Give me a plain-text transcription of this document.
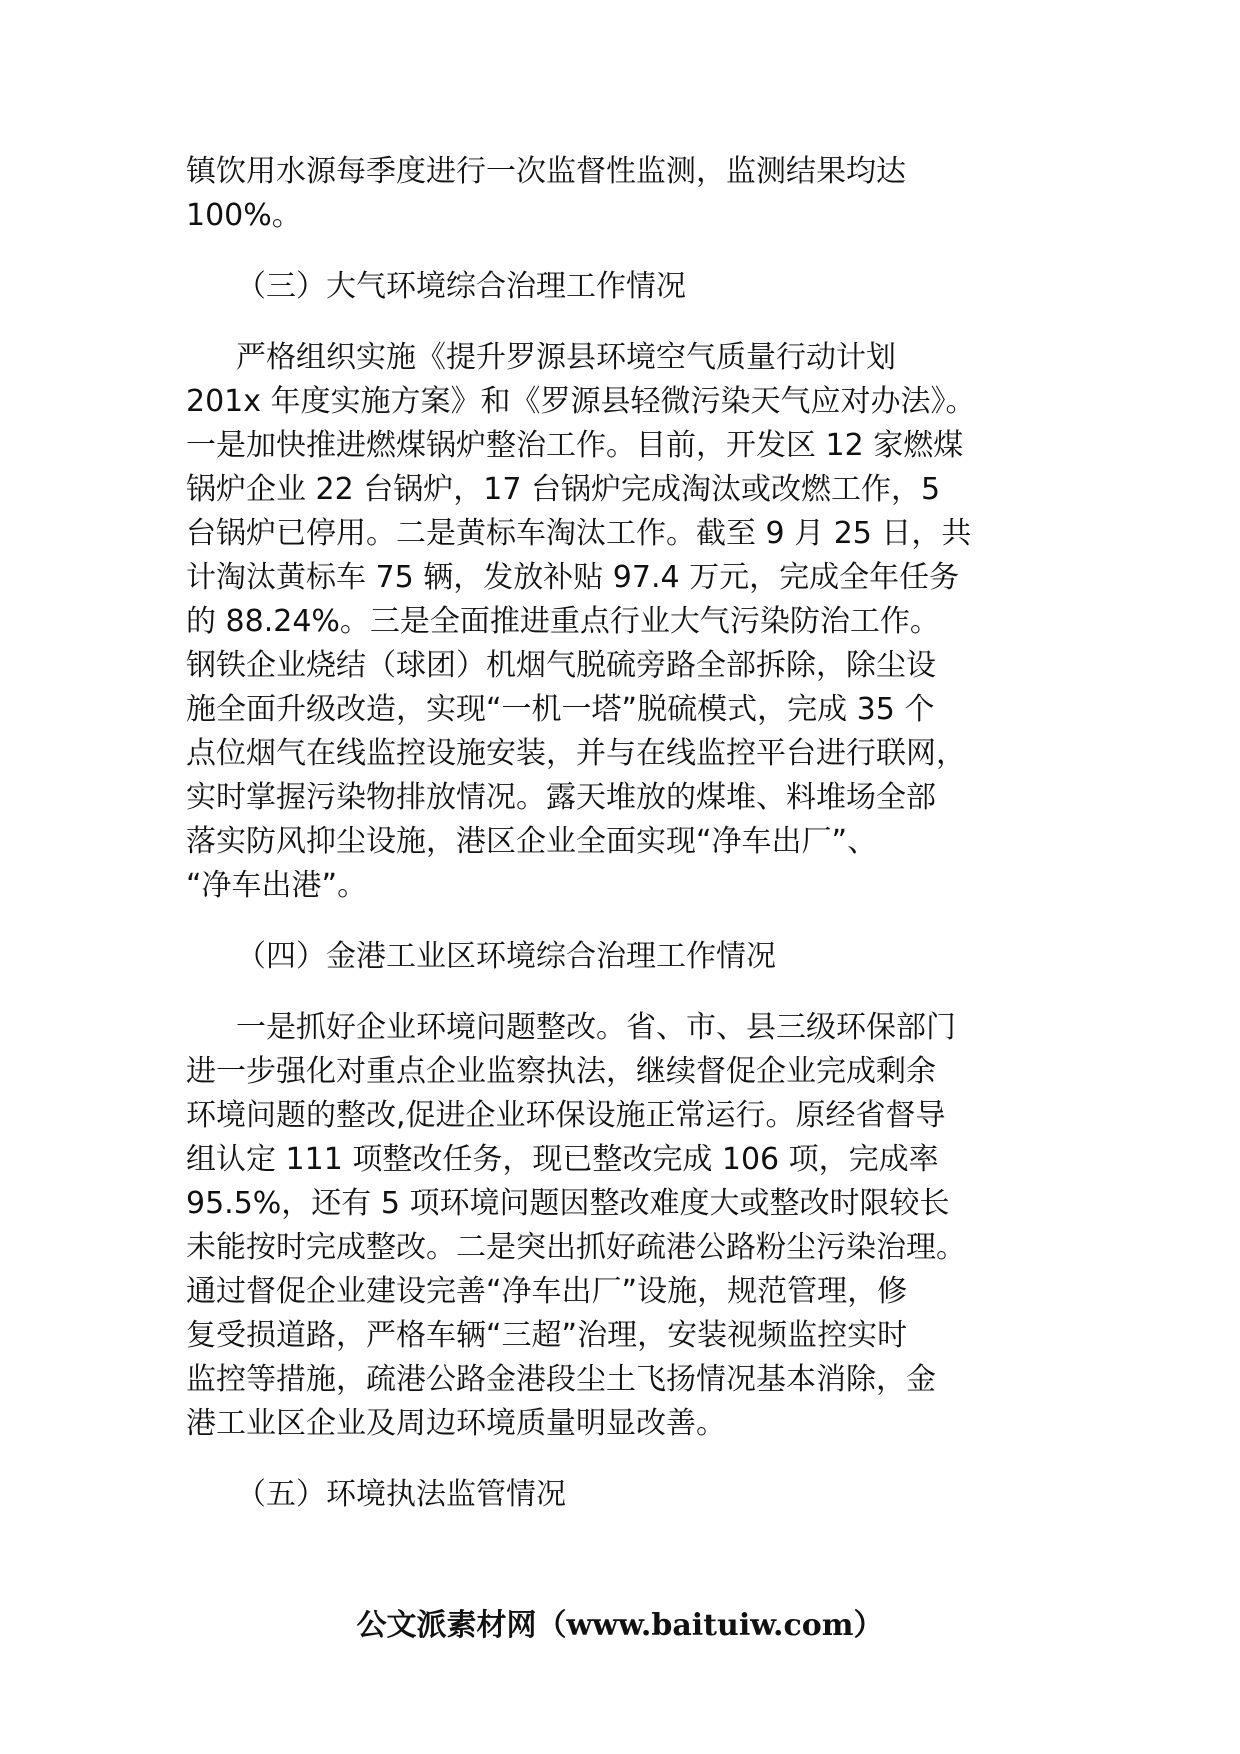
镇饮用水源每季度进行一次监督性监测，监测结果均达
100%。
（三）大气环境综合治理工作情况
严格组织实施《提升罗源县环境空气质量行动计划
201x 年度实施方案》和《罗源县轻微污染天气应对办法》。
一是加快推进燃煤锅炉整治工作。目前，开发区 12 家燃煤
锅炉企业 22 台锅炉，17 台锅炉完成淘汰或改燃工作，5
台锅炉已停用。二是黄标车淘汰工作。截至 9 月 25 日，共
计淘汰黄标车 75 辆，发放补贴 97.4 万元，完成全年任务
的 88.24%。三是全面推进重点行业大气污染防治工作。
钢铁企业烧结（球团）机烟气脱硫旁路全部拆除，除尘设
施全面升级改造，实现“一机一塔”脱硫模式，完成 35 个
点位烟气在线监控设施安装，并与在线监控平台进行联网，
实时掌握污染物排放情况。露天堆放的煤堆、料堆场全部
落实防风抑尘设施，港区企业全面实现“净车出厂”、
“净车出港”。
（四）金港工业区环境综合治理工作情况
一是抓好企业环境问题整改。省、市、县三级环保部门
进一步强化对重点企业监察执法，继续督促企业完成剩余
环境问题的整改,促进企业环保设施正常运行。原经省督导
组认定 111 项整改任务，现已整改完成 106 项，完成率
95.5%，还有 5 项环境问题因整改难度大或整改时限较长
未能按时完成整改。二是突出抓好疏港公路粉尘污染治理。
通过督促企业建设完善“净车出厂”设施，规范管理，修
复受损道路，严格车辆“三超”治理，安装视频监控实时
监控等措施，疏港公路金港段尘土飞扬情况基本消除，金
港工业区企业及周边环境质量明显改善。
（五）环境执法监管情况
公文派素材网（www.baituiw.com）
